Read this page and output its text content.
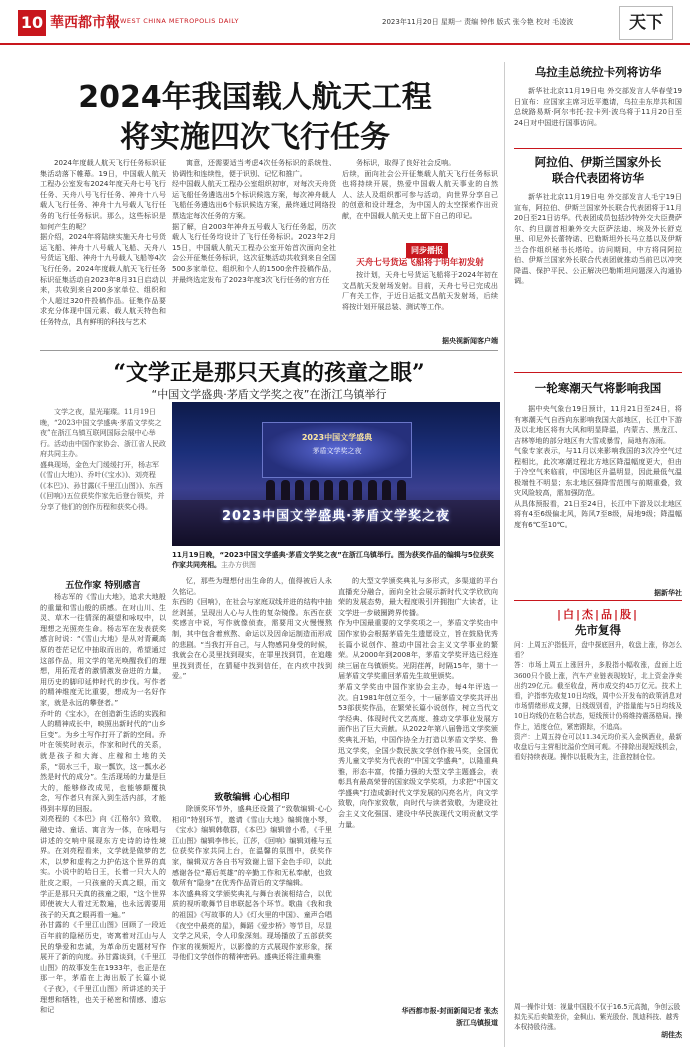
10 華西都市報 WEST CHINA METROPOLIS DAILY	2023年11月20日 星期一 责编 钟伟 版式 张今艳 校对 毛凌波	天下
2024年我国载人航天工程
将实施四次飞行任务
2024年度载人航天飞行任务标识征集活动落下帷幕。19日，中国载人航天工程办公室发布2024年度天舟七号飞行任务、天舟八号飞行任务、神舟十八号载人飞行任务、神舟十九号载人飞行任务的飞行任务标识。那么，这些标识是如何产生的呢？
据介绍，2024年将陆续实施天舟七号货运飞船、神舟十八号载人飞船、天舟八号货运飞船、神舟十九号载人飞船等4次飞行任务。2024年度载人航天飞行任务标识征集活动自2023年8月31日启动以来，共收到来自200多家单位、组织和个人超过320件投稿作品。征集作品要求充分体现中国元素、载人航天特色和任务特点，具有鲜明的科技与艺术
寓意，还需要适当考虑4次任务标识的系统性、协调性和连续性，便于识别、记忆和推广。
经中国载人航天工程办公室组织初审，对每次天舟货运飞船任务遴选出5个标识候选方案，每次神舟载人飞船任务遴选出6个标识候选方案，最终通过网络投票选定每次任务的方案。
据了解，自2003年神舟五号载人飞行任务起，历次载人飞行任务均设计了飞行任务标识。2023年2月15日，中国载人航天工程办公室开始首次面向全社会公开征集任务标识，这次征集活动共收到来自全国500多家单位、组织和个人的1500余件投稿作品，并最终选定发布了2023年度3次飞行任务的官方任
务标识，取得了良好社会反响。
后续，面向社会公开征集载人航天飞行任务标识也将持续开展，热爱中国载人航天事业的自然人、法人及组织都可参与活动，向世界分享自己的创意和设计理念，为中国人的太空探索作出贡献，在中国载人航天史上留下自己的印记。
同步播报
天舟七号货运飞船将于明年初发射
按计划，天舟七号货运飞船将于2024年初在文昌航天发射场发射。目前，天舟七号已完成出厂有关工作，于近日运抵文昌航天发射场，后续将按计划开展总装、测试等工作。
据央视新闻客户端
“文学正是那只天真的孩童之眼”
“中国文学盛典·茅盾文学奖之夜”在浙江乌镇举行
文学之夜，星光璀璨。11月19日晚，“2023中国文学盛典·茅盾文学奖之夜”在浙江乌镇互联网国际会展中心举行。活动由中国作家协会、浙江省人民政府共同主办。
盛典现场，金色大门缓缓打开，杨志军(《雪山大地》)、乔叶(《宝水》)、刘亮程(《本巴》)、孙甘露(《千里江山图》)、东西(《回响》)五位获奖作家先后登台领奖，并分享了他们的创作历程和获奖心得。
五位作家 特别感言
杨志军的《雪山大地》，追求大地般的重量和雪山般的质感。在对山川、生灵、草木一往情深的凝望和咏叹中，以理想之光照亮生命。杨志军在发表获奖感言时说：“《雪山大地》是从对青藏高原的苍茫记忆中抽取而出的，希望通过这部作品，用文学的笔光唤醒我们的理想，用拓荒者的激情激发奋进的力量，用历史的脚印延伸时代的步伐。写作者的精神维度无比重要，想成为一名好作家，就是永远的攀登者。”
乔叶的《宝水》，在创造新生活的实践和人的精神成长中，映照出新时代的“山乡巨变”。为乡土写作打开了新的空间。乔叶在领奖时表示，作家和时代的关系，就是孩子和大海、庄稼和土地的关系，“弱水三千，取一瓢饮，这一瓢水必然是时代的成分”。生活现场的力量是巨大的，能够修改成见，也能够颠覆执念，写作者只有深入到生活内部，才能得到丰厚的回报。
刘亮程的《本巴》向《江格尔》致敬，融史诗、童话、寓言为一体，在咏唱与讲述的交响中展现东方史诗的诗性境界。在刘亮程看来，文学就是做梦的艺术，以梦和虚构之力护佑这个世界的真实。小说中的哈日王，长着一只大人的肚皮之眼，一只孩童的天真之眼，而文学正是那只天真的孩童之眼，“这个世界即使被大人看过无数遍，也永远需要用孩子的天真之眼再看一遍。”
孙甘露的《千里江山图》回顾了一段近百年前的隐秘历史，寄寓着对江山与人民的挚爱和忠诚，为革命历史题材写作展开了新的向度。孙甘露谈到，《千里江山图》的故事发生在1933年，也正是在那一年，茅盾在上海出版了长篇小说《子夜》，《千里江山图》所讲述的关于理想和牺牲，也关于秘密和情感、遗忘和记
2023中国文学盛典
茅盾文学奖之夜
2023中国文学盛典·茅盾文学奖之夜
11月19日晚，“2023中国文学盛典·茅盾文学奖之夜”在浙江乌镇举行。图为获奖作品的编辑与5位获奖作家共同亮相。主办方供图
忆，那些为理想付出生命的人，值得被后人永久铭记。
东西的《回响》，在社会与家庭双线并进的结构中抽丝剥茧，呈现出人心与人性的复杂镜像。东西在获奖感言中说，写作就像侦查，需要用文火慢慢熬制，其中包含着煎熬、命运以及因命运制造而形成的悲剧。“当我打开自己，与人物感同身受的时候，我就会在心灵里找到现实，在罪里找到罚，在追趣里找到责任，在猜疑中找到信任，在内疚中找到爱。”
致敬编辑 心心相印
除颁奖环节外，盛典还设置了“致敬编辑·心心相印”特别环节，邀请《雪山大地》编辑施小琴，《宝水》编辑韩敬群，《本巴》编辑曾小希，《千里江山图》编辑李伟长，江莎，《回响》编辑刘稚与五位获奖作家共同上台，在温馨的氛围中，获奖作家，编辑双方各自书写致谢上留下金色手印，以此感谢各位“幕后英雄”的辛勤工作和无私奉献，也致敬所有“隐身”在优秀作品背后的文学编辑。
本次盛典将文学颁奖典礼与舞台表演相结合，以优质的视听歌舞节目串联起各个环节。歌曲《我和我的祖国》《写故事的人》《灯火里的中国》、童声合唱《夜空中最亮的星》，舞蹈《爱步桥》等节目，尽显文学之风采，令人印象深刻。现场播放了五部获奖作家的视频短片，以影像的方式展现作家形象，探寻他们文学创作的精神密码。盛典还将注重典雅
的大型文学颁奖典礼与多形式，多渠道的平台直播充分融合，面向全社会展示新时代文学欣欣向荣的发展态势，最大程度吸引并拥抱广大读者，让文学进一步破圈跨界传播。
作为中国最重要的文学奖项之一，茅盾文学奖由中国作家协会根据茅盾先生遗愿设立，旨在鼓励优秀长篇小说创作、推动中国社会主义文学事业的繁荣。从2000年到2008年，茅盾文学奖评选已经连续三届在乌镇颁奖。光阴荏苒，时隔15年，第十一届茅盾文学奖重回茅盾先生故里颁奖。
茅盾文学奖由中国作家协会主办，每4年评选一次。自1981年创立至今，十一届茅盾文学奖共评出53部获奖作品，在繁荣长篇小说创作，树立当代文学经典、体现时代文艺高度、推动文学事业发展方面作出了巨大贡献。从2022年第八届鲁迅文学奖颁奖典礼开始，中国作协全力打造以茅盾文学奖、鲁迅文学奖，全国少数民族文学创作骏马奖，全国优秀儿童文学奖为代表的“中国文学盛典”，以隆重典雅，形态丰富，传播力强的大型文学主题盛会，表彰具有最高荣誉的国家级文学奖项，力求把“中国文学盛典”打造成新时代文学发展的闪亮名片，向文学致敬，向作家致敬，向时代与读者致敬，为建设社会主义文化强国、建设中华民族现代文明贡献文学力量。
华西都市报-封面新闻记者 张杰
浙江乌镇报道
乌拉圭总统拉卡列将访华
新华社北京11月19日电 外交部发言人华春莹19日宣布：应国家主席习近平邀请，乌拉圭东岸共和国总统路易斯·阿尔韦托·拉卡列·波乌将于11月20日至24日对中国进行国事访问。
阿拉伯、伊斯兰国家外长
联合代表团将访华
新华社北京11月19日电 外交部发言人毛宁19日宣布，阿拉伯、伊斯兰国家外长联合代表团将于11月20日至21日访华。代表团成员包括沙特外交大臣费萨尔、约旦副首相兼外交大臣萨法迪、埃及外长舒克里、印尼外长蕾特诺、巴勒斯坦外长马立基以及伊斯兰合作组织秘书长塔哈。访问期间，中方将同阿拉伯、伊斯兰国家外长联合代表团就推动当前巴以冲突降温、保护平民、公正解决巴勒斯坦问题深入沟通协调。
一轮寒潮天气将影响我国
据中央气象台19日预计，11月21日至24日，将有寒潮天气自西向东影响我国大部地区，长江中下游及以北地区将有大风和明显降温，内蒙古、黑龙江、吉林等地的部分地区有大雪或暴雪，局地有冻雨。
气象专家表示，与11月以来影响我国的3次冷空气过程相比，此次寒潮过程北方地区降温幅度更大，但由于冷空气来临前，中国地区升温明显，因此最低气温极端性不明显；东北地区强降雪范围与前期重叠，致灾风险较高，需加强防范。
从具体预报看，21日至24日，长江中下游及以北地区将有4至6级偏北风，阵风7至8级，局地9级；降温幅度有6℃至10℃。
据新华社
|白|杰|品|股|
先市复得
问：上周五沪指低开，盘中探底回升，收盘上涨，你怎么看？
答：市场上周五上涨回升，多股指小幅收涨，盘面上近3600只个股上涨，汽车产业链表现较好，北上资金净卖出约29亿元。截至收盘，两市成交约45万亿元。技术上看，沪指率先收复10日均线，周中公开发布的政策消息对市场情绪形成支撑，日线级别看，沪指量能与5日均线及10日均线仍在粘合状态，短线预计仍将维持震荡格局。操作上，适度仓位，紧密跟踪，不追高。
资产：上周五持仓可以11.34元均价买入金枫酒业，最新收盘后与主营相比溢价空间可观。不排除出现短线机会，看好持续表现。操作以低吸为主，注意控制仓位。
周一操作计划：视量中国股不仅于16.5元高抛，争创云股拟先买后卖做差价，金枫山、紫光股份、凯迪科技、越秀本权持股待涨。
胡佳杰
